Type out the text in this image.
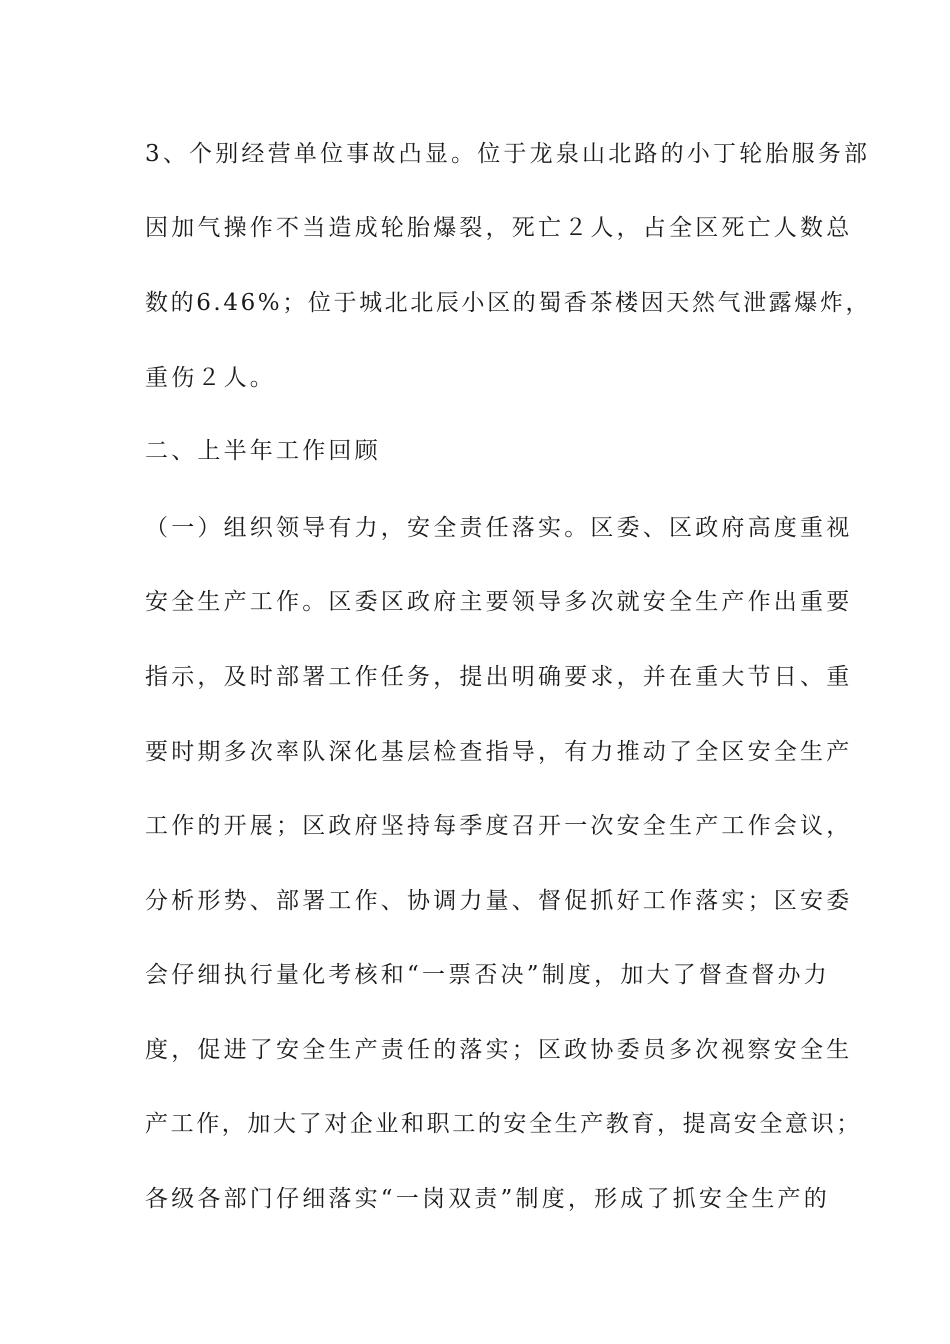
3、个别经营单位事故凸显。位于龙泉山北路的小丁轮胎服务部
因加气操作不当造成轮胎爆裂，死亡２人，占全区死亡人数总
数的6.46%；位于城北北辰小区的蜀香茶楼因天然气泄露爆炸，
重伤２人。
二、上半年工作回顾
（一）组织领导有力，安全责任落实。区委、区政府高度重视
安全生产工作。区委区政府主要领导多次就安全生产作出重要
指示，及时部署工作任务，提出明确要求，并在重大节日、重
要时期多次率队深化基层检查指导，有力推动了全区安全生产
工作的开展；区政府坚持每季度召开一次安全生产工作会议，
分析形势、部署工作、协调力量、督促抓好工作落实；区安委
会仔细执行量化考核和“一票否决”制度，加大了督查督办力
度，促进了安全生产责任的落实；区政协委员多次视察安全生
产工作，加大了对企业和职工的安全生产教育，提高安全意识；
各级各部门仔细落实“一岗双责”制度，形成了抓安全生产的
